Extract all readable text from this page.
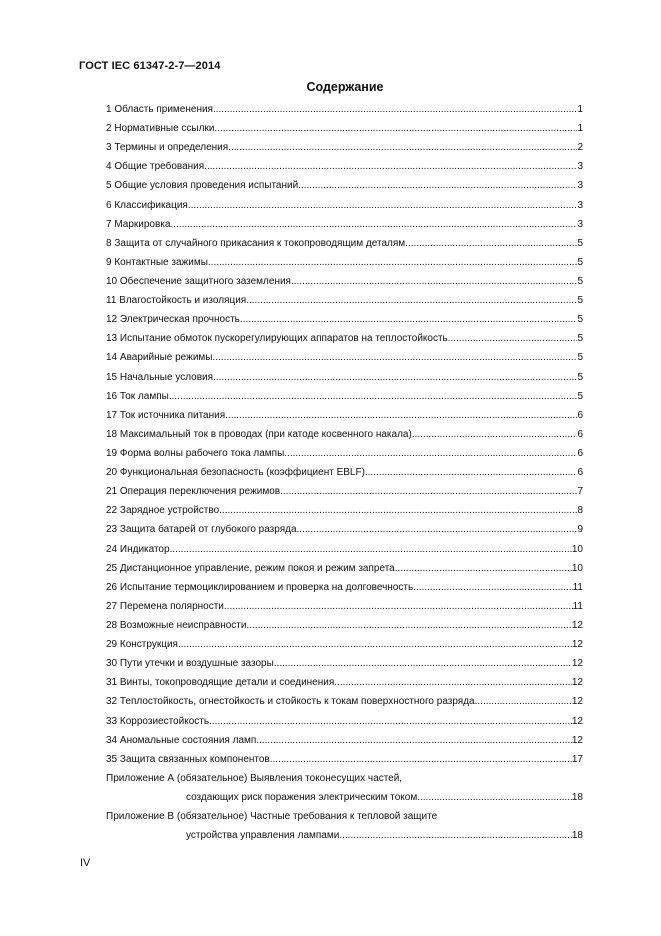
ГОСТ IEC 61347-2-7—2014
Содержание
1 Область применения .....	1
2 Нормативные ссылки .....	1
3 Термины и определения .....	2
4 Общие требования .....	3
5 Общие условия проведения испытаний .....	3
6 Классификация .....	3
7 Маркировка .....	3
8 Защита от случайного прикасания к токопроводящим деталям .....	5
9 Контактные зажимы .....	5
10 Обеспечение защитного заземления .....	5
11 Влагостойкость и изоляция .....	5
12 Электрическая прочность .....	5
13 Испытание обмоток пускорегулирующих аппаратов на теплостойкость .....	5
14 Аварийные режимы .....	5
15 Начальные условия .....	5
16 Ток лампы .....	5
17 Ток источника питания .....	6
18 Максимальный ток в проводах (при катоде косвенного накала) .....	6
19 Форма волны рабочего тока лампы .....	6
20 Функциональная безопасность (коэффициент EBLF) .....	6
21 Операция переключения режимов .....	7
22 Зарядное устройство .....	8
23 Защита батарей от глубокого разряда .....	9
24 Индикатор .....	10
25 Дистанционное управление, режим покоя и режим запрета .....	10
26 Испытание термоциклированием и проверка на долговечность .....	11
27 Перемена полярности .....	11
28 Возможные неисправности .....	12
29 Конструкция .....	12
30 Пути утечки и воздушные зазоры .....	12
31 Винты, токопроводящие детали и соединения .....	12
32 Теплостойкость, огнестойкость и стойкость к токам поверхностного разряда .....	12
33 Коррозиестойкость .....	12
34 Аномальные состояния ламп .....	12
35 Защита связанных компонентов .....	17
Приложение А (обязательное) Выявления токонесущих частей,
создающих риск поражения электрическим током .....	18
Приложение В (обязательное) Частные требования к тепловой защите
устройства управления лампами .....	18
IV
